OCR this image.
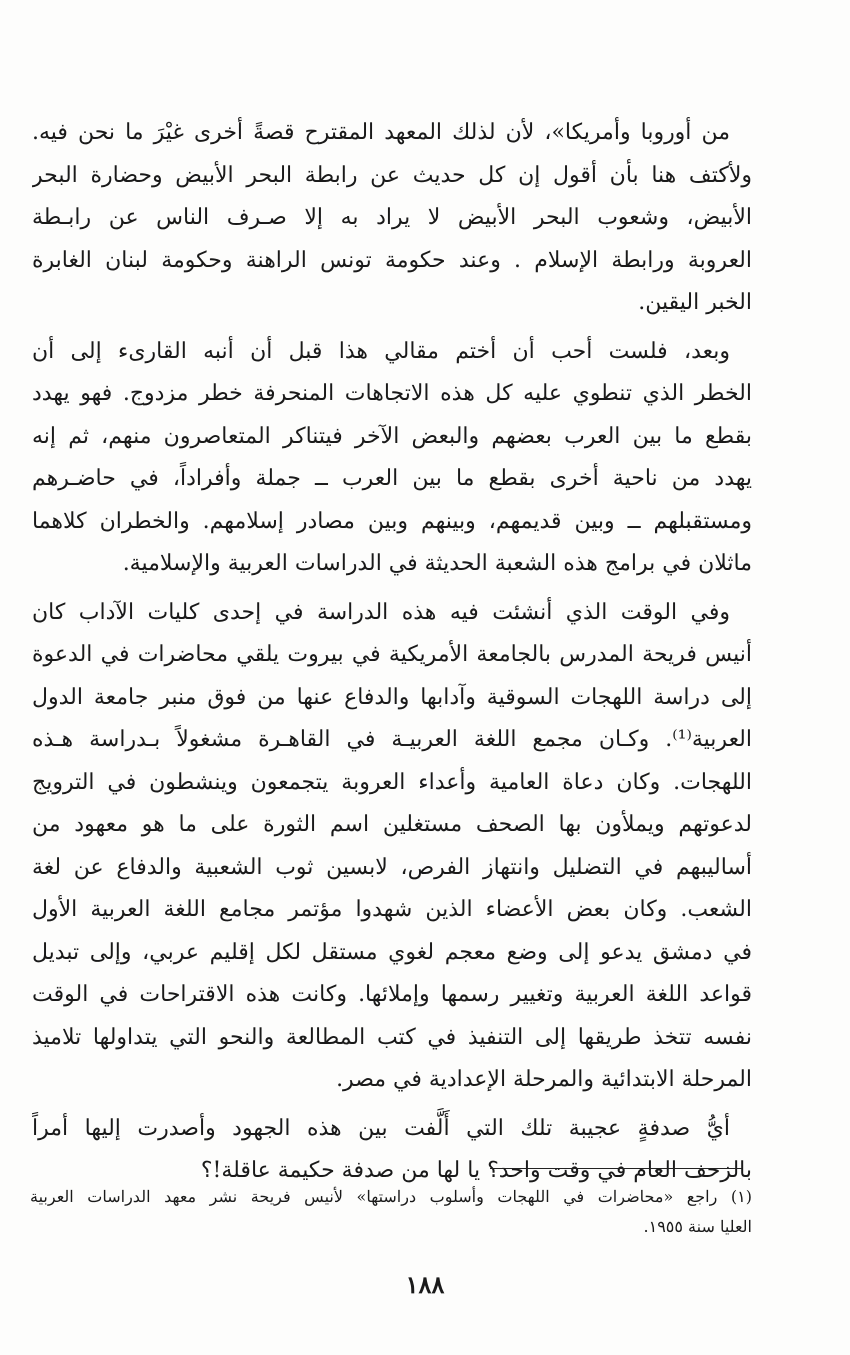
من أوروبا وأمريكا»، لأن لذلك المعهد المقترح قصةً أخرى غيْرَ ما نحن فيه.
ولأكتف هنا بأن أقول إن كل حديث عن رابطة البحر الأبيض وحضارة البحر
الأبيض، وشعوب البحر الأبيض لا يراد به إلا صـرف الناس عن رابـطة
العروبة ورابطة الإسلام . وعند حكومة تونس الراهنة وحكومة لبنان الغابرة
الخبر اليقين.
وبعد، فلست أحب أن أختم مقالي هذا قبل أن أنبه القارىء إلى أن
الخطر الذي تنطوي عليه كل هذه الاتجاهات المنحرفة خطر مزدوج. فهو يهدد
بقطع ما بين العرب بعضهم والبعض الآخر فيتناكر المتعاصرون منهم، ثم إنه
يهدد من ناحية أخرى بقطع ما بين العرب ــ جملة وأفراداً، في حاضـرهم
ومستقبلهم ــ وبين قديمهم، وبينهم وبين مصادر إسلامهم. والخطران كلاهما
ماثلان في برامج هذه الشعبة الحديثة في الدراسات العربية والإسلامية.
وفي الوقت الذي أنشئت فيه هذه الدراسة في إحدى كليات الآداب كان
أنيس فريحة المدرس بالجامعة الأمريكية في بيروت يلقي محاضرات في الدعوة
إلى دراسة اللهجات السوقية وآدابها والدفاع عنها من فوق منبر جامعة الدول
العربية⁽¹⁾. وكـان مجمع اللغة العربيـة في القاهـرة مشغولاً بـدراسة هـذه
اللهجات. وكان دعاة العامية وأعداء العروبة يتجمعون وينشطون في الترويج
لدعوتهم ويملأون بها الصحف مستغلين اسم الثورة على ما هو معهود من
أساليبهم في التضليل وانتهاز الفرص، لابسين ثوب الشعبية والدفاع عن لغة
الشعب. وكان بعض الأعضاء الذين شهدوا مؤتمر مجامع اللغة العربية الأول
في دمشق يدعو إلى وضع معجم لغوي مستقل لكل إقليم عربي، وإلى تبديل
قواعد اللغة العربية وتغيير رسمها وإملائها. وكانت هذه الاقتراحات في الوقت
نفسه تتخذ طريقها إلى التنفيذ في كتب المطالعة والنحو التي يتداولها تلاميذ
المرحلة الابتدائية والمرحلة الإعدادية في مصر.
أيُّ صدفةٍ عجيبة تلك التي أَلَّفت بين هذه الجهود وأصدرت إليها أمراً
بالزحف العام في وقت واحد؟ يا لها من صدفة حكيمة عاقلة!؟
(١) راجع «محاضرات في اللهجات وأسلوب دراستها» لأنيس فريحة نشر معهد الدراسات العربية
العليا سنة ١٩٥٥.
١٨٨
